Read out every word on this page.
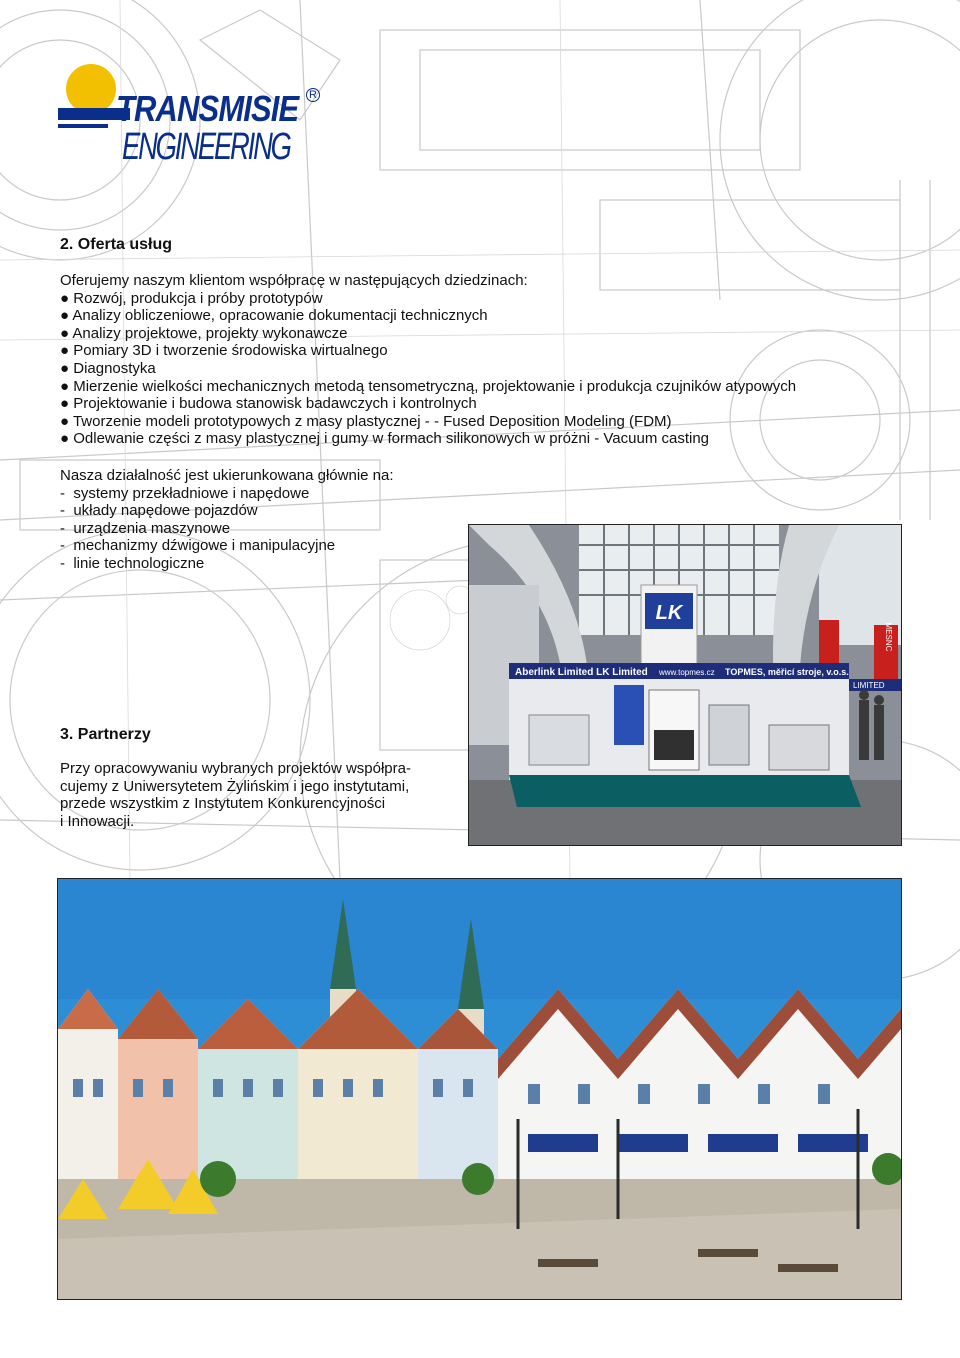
TRANSMISIE
ENGINEERING
R
2. Oferta usług
Oferujemy naszym klientom współpracę w następujących dziedzinach:
● Rozwój, produkcja i próby prototypów
● Analizy obliczeniowe, opracowanie dokumentacji technicznych
● Analizy projektowe, projekty wykonawcze
● Pomiary 3D i tworzenie środowiska wirtualnego
● Diagnostyka
● Mierzenie wielkości mechanicznych metodą tensometryczną, projektowanie i produkcja czujników atypowych
● Projektowanie i budowa stanowisk badawczych i kontrolnych
● Tworzenie modeli prototypowych z masy plastycznej - - Fused Deposition Modeling (FDM)
● Odlewanie części z masy plastycznej i gumy w formach silikonowych w próżni - Vacuum casting
Nasza działalność jest ukierunkowana głównie na:
- systemy przekładniowe i napędowe
- układy napędowe pojazdów
- urządzenia maszynowe
- mechanizmy dźwigowe i manipulacyjne
- linie technologiczne
LK
MESNC
Aberlink Limited LK Limited www.topmes.cz TOPMES, měřicí stroje, v.o.s.
LIMITED
3. Partnerzy
Przy opracowywaniu wybranych projektów współpra-
cujemy z Uniwersytetem Żylińskim i jego instytutami,
przede wszystkim z Instytutem Konkurencyjności
i Innowacji.
